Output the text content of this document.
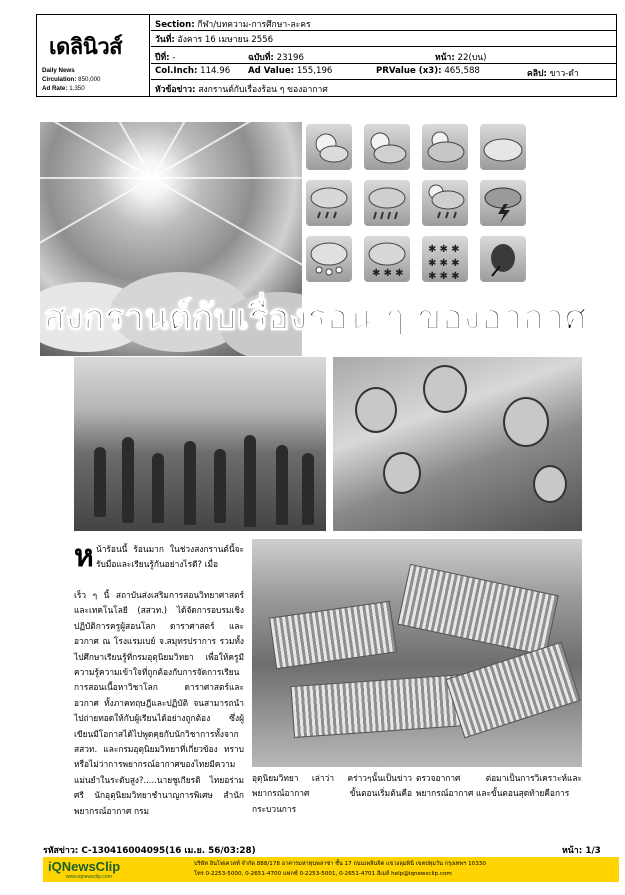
เดลินิวส์
Daily News
Circulation: 850,000
Ad Rate: 1,350
Section: กีฬา/บทความ-การศึกษา-ละคร
วันที่: อังคาร 16 เมษายน 2556
ปีที่: -	ฉบับที่: 23196	หน้า: 22(บน)
Col.Inch: 114.96 Ad Value: 155,196	PRValue (x3): 465,588	คลิป: ขาว-ดำ
หัวข้อข่าว: สงกรานต์กับเรื่องร้อน ๆ ของอากาศ
✱ ✱ ✱
✱ ✱ ✱
✱ ✱ ✱
✱ ✱ ✱
สงกรานต์กับเรื่องร้อน ๆ ของอากาศ
ห น้าร้อนนี้ ร้อนมาก ในช่วงสงกรานต์นี้จะรับมือและเรียนรู้กันอย่างไรดี? เมื่อ
เร็ว ๆ นี้ สถาบันส่งเสริมการสอนวิทยาศาสตร์และเทคโนโลยี (สสวท.) ได้จัดการอบรมเชิงปฏิบัติการครูผู้สอนโลก ดาราศาสตร์ และอวกาศ ณ โรงแรมเบย์ จ.สมุทรปราการ รวมทั้งไปศึกษาเรียนรู้ที่กรมอุตุนิยมวิทยา เพื่อให้ครูมีความรู้ความเข้าใจที่ถูกต้องกับการจัดการเรียนการสอนเนื้อหาวิชาโลก ดาราศาสตร์และอวกาศ ทั้งภาคทฤษฎีและปฏิบัติ จนสามารถนำไปถ่ายทอดให้กับผู้เรียนได้อย่างถูกต้อง ซึ่งผู้เขียนมีโอกาสได้ไปพูดคุยกับนักวิชาการทั้งจาก สสวท. และกรมอุตุนิยมวิทยาที่เกี่ยวข้อง ทราบหรือไม่ว่าการพยากรณ์อากาศของไทยมีความแม่นยำในระดับสูง?.....นายชูเกียรติ ไทยอร่ามศรี นักอุตุนิยมวิทยาชำนาญการพิเศษ สำนักพยากรณ์อากาศ กรม
อุตุนิยมวิทยา เล่าว่า คร่าวๆนั้นเป็นข่าวพยากรณ์อากาศ ขั้นตอนเริ่มต้นคือกระบวนการ
ตรวจอากาศ ต่อมาเป็นการวิเคราะห์และพยากรณ์อากาศ และขั้นตอนสุดท้ายคือการ
รหัสข่าว: C-130416004095(16 เม.ย. 56/03:28)	หน้า: 1/3
iQNewsClip
www.iqnewsclip.com
บริษัท อินโฟเควสท์ จำกัด 888/178 อาคารมหาทุนพลาซ่า ชั้น 17 ถนนเพลินจิต แขวงลุมพินี เขตปทุมวัน กรุงเทพฯ 10330
โทร 0-2253-5000, 0-2651-4700 แฟกซ์ 0-2253-5001, 0-2651-4701 อีเมล์ help@iqnewsclip.com
